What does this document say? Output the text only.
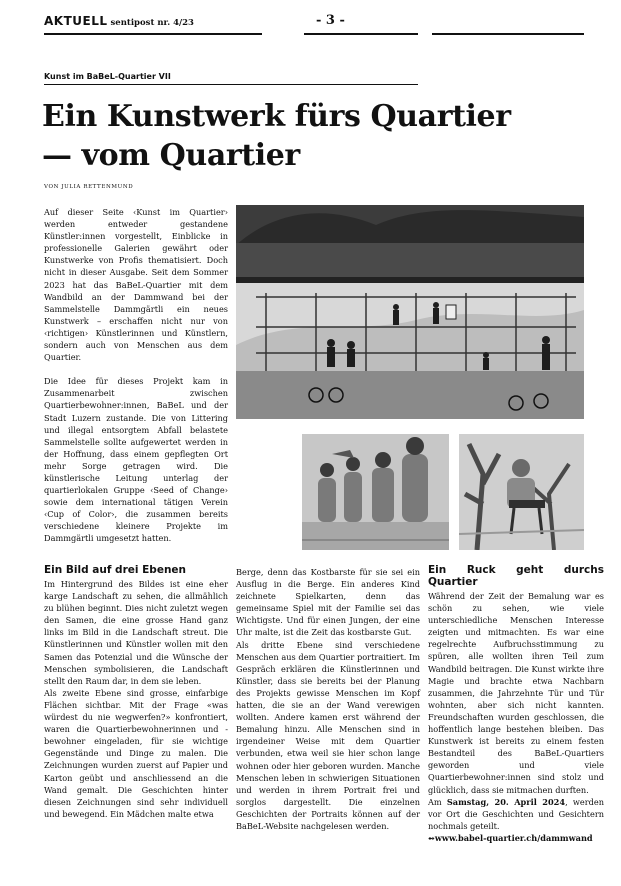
AKTUELL sentipost nr. 4/23	- 3 -
Kunst im BaBeL-Quartier VII
Ein Kunstwerk fürs Quartier
— vom Quartier
VON JULIA RETTENMUND

Auf dieser Seite ‹Kunst im Quartier› werden entweder gestandene Künstler:innen vorgestellt, Einblicke in professionelle Galerien gewährt oder Kunstwerke von Profis thematisiert. Doch nicht in dieser Ausgabe. Seit dem Sommer 2023 hat das BaBeL-Quartier mit dem Wandbild an der Dammwand bei der Sammelstelle Dammgärtli ein neues Kunstwerk – erschaffen nicht nur von ‹richtigen› Künstlerinnen und Künstlern, sondern auch von Menschen aus dem Quartier.

Die Idee für dieses Projekt kam in Zusammenarbeit zwischen Quartierbewohner:innen, BaBeL und der Stadt Luzern zustande. Die von Littering und illegal entsorgtem Abfall belastete Sammelstelle sollte aufgewertet werden in der Hoffnung, dass einem gepflegten Ort mehr Sorge getragen wird. Die künstlerische Leitung unterlag der quartierlokalen Gruppe ‹Seed of Change› sowie dem international tätigen Verein ‹Cup of Color›, die zusammen bereits verschiedene kleinere Projekte im Dammgärtli umgesetzt hatten.

Ein Bild auf drei Ebenen

Im Hintergrund des Bildes ist eine eher karge Landschaft zu sehen, die allmählich zu blühen beginnt. Dies nicht zuletzt wegen den Samen, die eine grosse Hand ganz links im Bild in die Landschaft streut. Die Künstlerinnen und Künstler wollen mit den Samen das Potenzial und die Wünsche der Menschen symbolisieren, die Landschaft stellt den Raum dar, in dem sie leben.

Als zweite Ebene sind grosse, einfarbige Flächen sichtbar. Mit der Frage «was würdest du nie wegwerfen?» konfrontiert, waren die Quartierbewohnerinnen und -bewohner eingeladen, für sie wichtige Gegenstände und Dinge zu malen. Die Zeichnungen wurden zuerst auf Papier und Karton geübt und anschliessend an die Wand gemalt. Die Geschichten hinter diesen Zeichnungen sind sehr individuell und bewegend. Ein Mädchen malte etwa

Berge, denn das Kostbarste für sie sei ein Ausflug in die Berge. Ein anderes Kind zeichnete Spielkarten, denn das gemeinsame Spiel mit der Familie sei das Wichtigste. Und für einen Jungen, der eine Uhr malte, ist die Zeit das kostbarste Gut.

Als dritte Ebene sind verschiedene Menschen aus dem Quartier portraitiert. Im Gespräch erklären die Künstlerinnen und Künstler, dass sie bereits bei der Planung des Projekts gewisse Menschen im Kopf hatten, die sie an der Wand verewigen wollten. Andere kamen erst während der Bemalung hinzu. Alle Menschen sind in irgendeiner Weise mit dem Quartier verbunden, etwa weil sie hier schon lange wohnen oder hier geboren wurden. Manche Menschen leben in schwierigen Situationen und werden in ihrem Portrait frei und sorglos dargestellt. Die einzelnen Geschichten der Portraits können auf der BaBeL-Website nachgelesen werden.

Ein Ruck geht durchs Quartier

Während der Zeit der Bemalung war es schön zu sehen, wie viele unterschiedliche Menschen Interesse zeigten und mitmachten. Es war eine regelrechte Aufbruchsstimmung zu spüren, alle wollten ihren Teil zum Wandbild beitragen. Die Kunst wirkte ihre Magie und brachte etwa Nachbarn zusammen, die Jahrzehnte Tür und Tür wohnten, aber sich nicht kannten. Freundschaften wurden geschlossen, die hoffentlich lange bestehen bleiben. Das Kunstwerk ist bereits zu einem festen Bestandteil des BaBeL-Quartiers geworden und viele Quartierbewohner:innen sind stolz und glücklich, dass sie mitmachen durften.

Am Samstag, 20. April 2024, werden vor Ort die Geschichten und Gesichtern nochmals geteilt.

➻www.babel-quartier.ch/dammwand
